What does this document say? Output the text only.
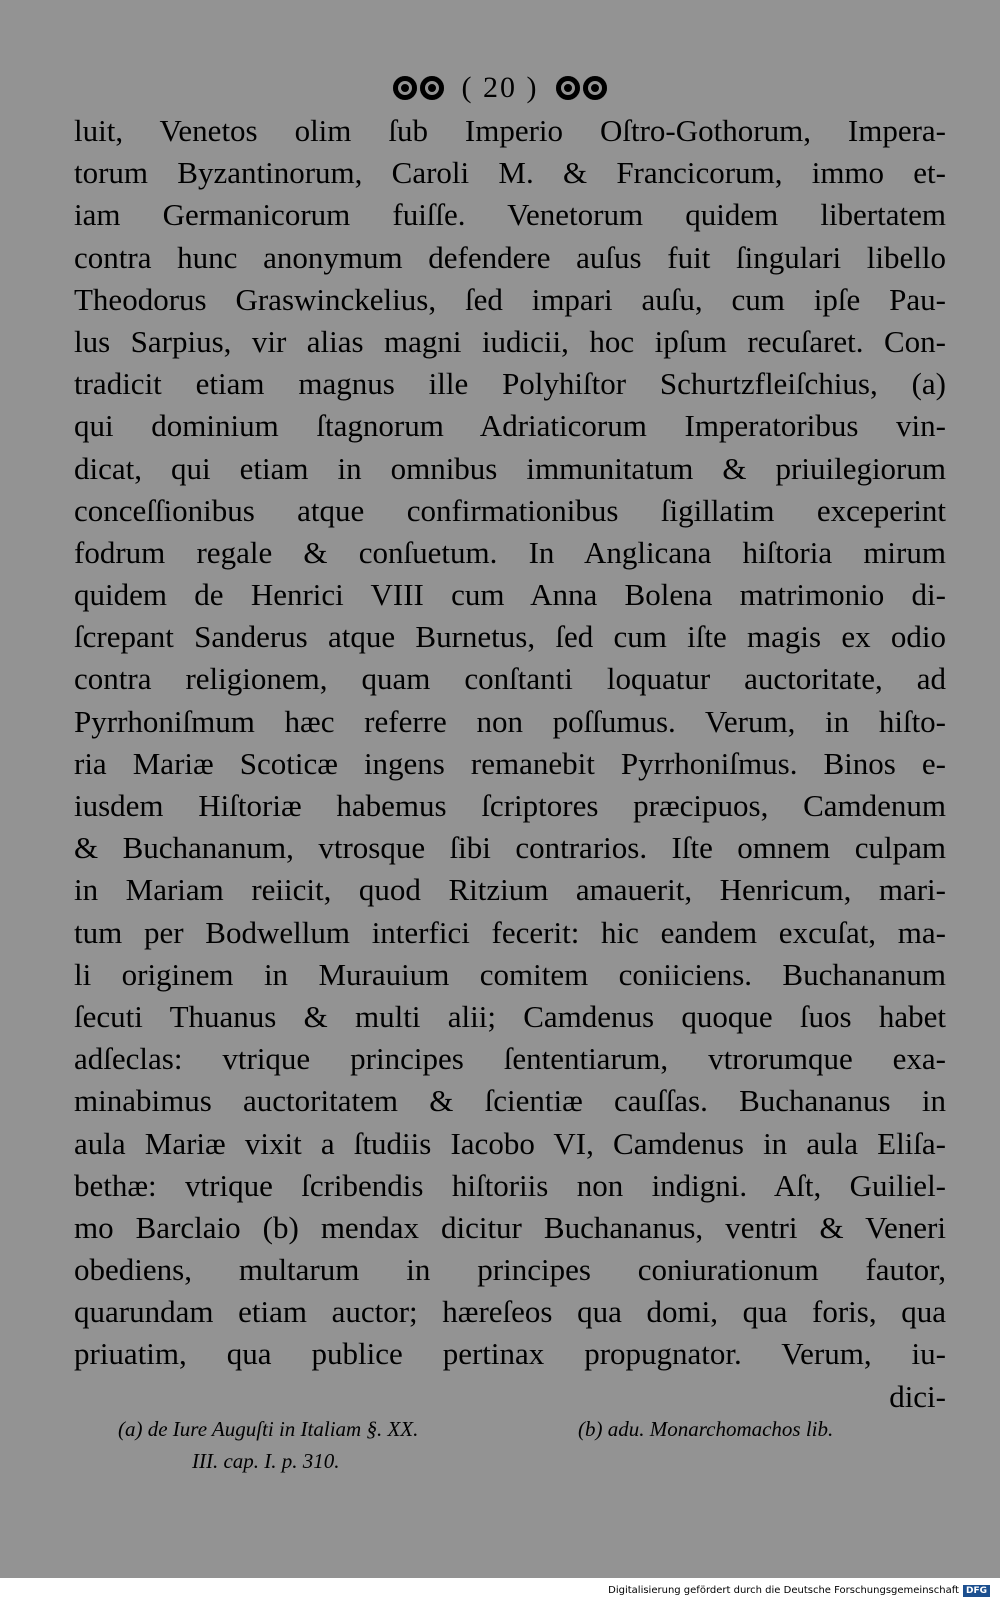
( 20 )
luit, Venetos olim ſub Imperio Oſtro-Gothorum, Impera-
torum Byzantinorum, Caroli M. & Francicorum, immo et-
iam Germanicorum fuiſſe. Venetorum quidem libertatem
contra hunc anonymum defendere auſus fuit ſingulari libello
Theodorus Graswinckelius, ſed impari auſu, cum ipſe Pau-
lus Sarpius, vir alias magni iudicii, hoc ipſum recuſaret. Con-
tradicit etiam magnus ille Polyhiſtor Schurtzfleiſchius, (a)
qui dominium ſtagnorum Adriaticorum Imperatoribus vin-
dicat, qui etiam in omnibus immunitatum & priuilegiorum
conceſſionibus atque confirmationibus ſigillatim exceperint
fodrum regale & conſuetum. In Anglicana hiſtoria mirum
quidem de Henrici VIII cum Anna Bolena matrimonio di-
ſcrepant Sanderus atque Burnetus, ſed cum iſte magis ex odio
contra religionem, quam conſtanti loquatur auctoritate, ad
Pyrrhoniſmum hæc referre non poſſumus. Verum, in hiſto-
ria Mariæ Scoticæ ingens remanebit Pyrrhoniſmus. Binos e-
iusdem Hiſtoriæ habemus ſcriptores præcipuos, Camdenum
& Buchananum, vtrosque ſibi contrarios. Iſte omnem culpam
in Mariam reiicit, quod Ritzium amauerit, Henricum, mari-
tum per Bodwellum interfici fecerit: hic eandem excuſat, ma-
li originem in Murauium comitem coniiciens. Buchananum
ſecuti Thuanus & multi alii; Camdenus quoque ſuos habet
adſeclas: vtrique principes ſententiarum, vtrorumque exa-
minabimus auctoritatem & ſcientiæ cauſſas. Buchananus in
aula Mariæ vixit a ſtudiis Iacobo VI, Camdenus in aula Eliſa-
bethæ: vtrique ſcribendis hiſtoriis non indigni. Aſt, Guiliel-
mo Barclaio (b) mendax dicitur Buchananus, ventri & Veneri
obediens, multarum in principes coniurationum fautor,
quarundam etiam auctor; hæreſeos qua domi, qua foris, qua
priuatim, qua publice pertinax propugnator. Verum, iu-
dici-
(a) de Iure Auguſti in Italiam §. XX.	(b) adu. Monarchomachos lib.
III. cap. I. p. 310.
Digitalisierung gefördert durch die Deutsche Forschungsgemeinschaft DFG
